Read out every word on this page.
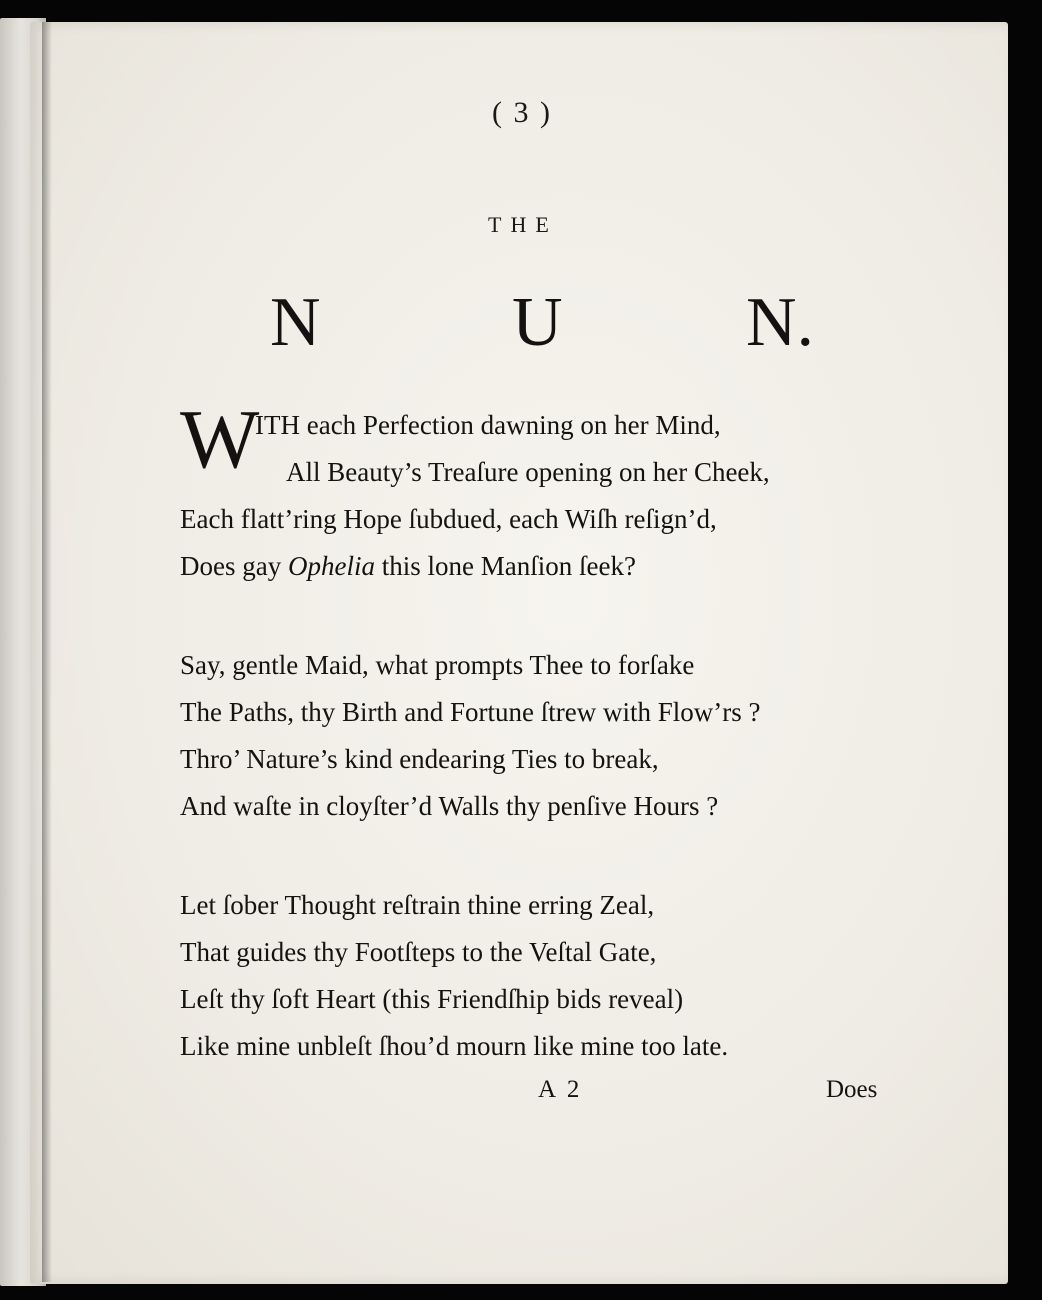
( 3 )
THE
N	U	N.
W
ITH each Perfection dawning on her Mind,
All Beauty’s Treaſure opening on her Cheek,
Each flatt’ring Hope ſubdued, each Wiſh reſign’d,
Does gay Ophelia this lone Manſion ſeek?
Say, gentle Maid, what prompts Thee to forſake
The Paths, thy Birth and Fortune ſtrew with Flow’rs ?
Thro’ Nature’s kind endearing Ties to break,
And waſte in cloyſter’d Walls thy penſive Hours ?
Let ſober Thought reſtrain thine erring Zeal,
That guides thy Footſteps to the Veſtal Gate,
Leſt thy ſoft Heart (this Friendſhip bids reveal)
Like mine unbleſt ſhou’d mourn like mine too late.
A 2	Does
